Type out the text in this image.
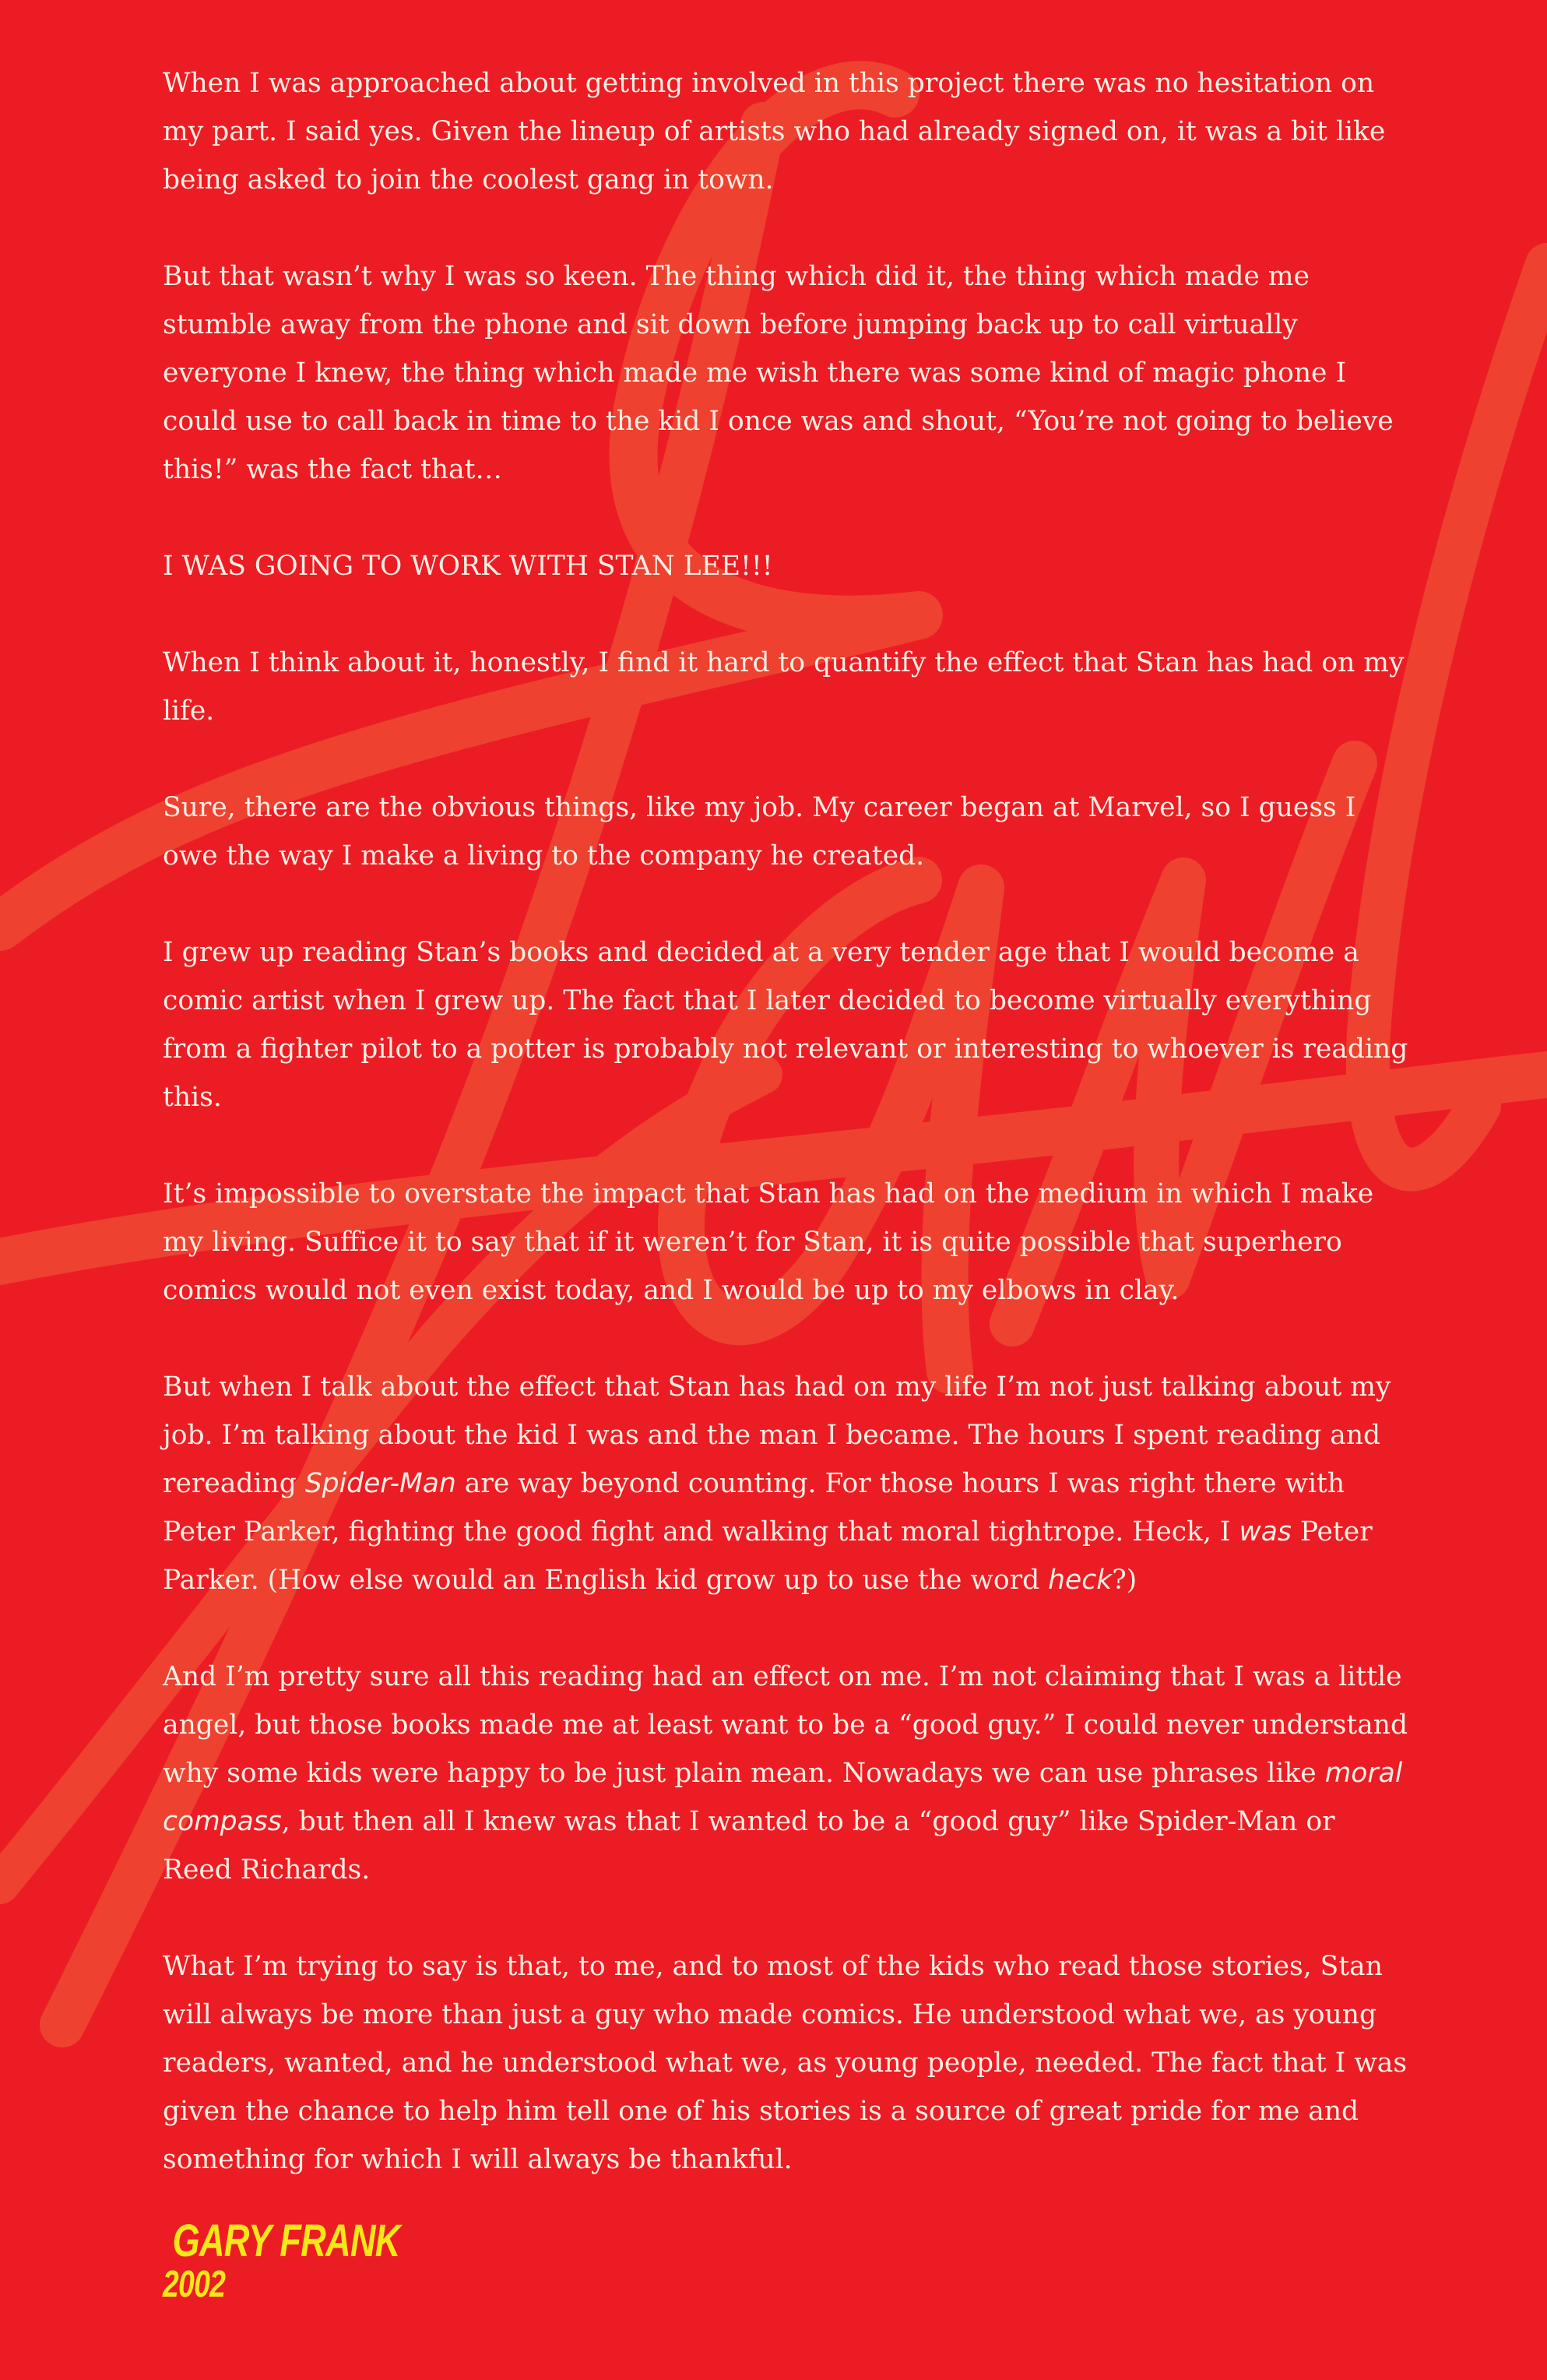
When I was approached about getting involved in this project there was no hesitation on my part. I said yes. Given the lineup of artists who had already signed on, it was a bit like being asked to join the coolest gang in town.

But that wasn’t why I was so keen. The thing which did it, the thing which made me stumble away from the phone and sit down before jumping back up to call virtually everyone I knew, the thing which made me wish there was some kind of magic phone I could use to call back in time to the kid I once was and shout, “You’re not going to believe this!” was the fact that…

I WAS GOING TO WORK WITH STAN LEE!!!

When I think about it, honestly, I find it hard to quantify the effect that Stan has had on my life.

Sure, there are the obvious things, like my job. My career began at Marvel, so I guess I owe the way I make a living to the company he created.

I grew up reading Stan’s books and decided at a very tender age that I would become a comic artist when I grew up. The fact that I later decided to become virtually everything from a fighter pilot to a potter is probably not relevant or interesting to whoever is reading this.

It’s impossible to overstate the impact that Stan has had on the medium in which I make my living. Suffice it to say that if it weren’t for Stan, it is quite possible that superhero comics would not even exist today, and I would be up to my elbows in clay.

But when I talk about the effect that Stan has had on my life I’m not just talking about my job. I’m talking about the kid I was and the man I became. The hours I spent reading and rereading Spider-Man are way beyond counting. For those hours I was right there with Peter Parker, fighting the good fight and walking that moral tightrope. Heck, I was Peter Parker. (How else would an English kid grow up to use the word heck?)

And I’m pretty sure all this reading had an effect on me. I’m not claiming that I was a little angel, but those books made me at least want to be a “good guy.” I could never understand why some kids were happy to be just plain mean. Nowadays we can use phrases like moral compass, but then all I knew was that I wanted to be a “good guy” like Spider-Man or Reed Richards.

What I’m trying to say is that, to me, and to most of the kids who read those stories, Stan will always be more than just a guy who made comics. He understood what we, as young readers, wanted, and he understood what we, as young people, needed. The fact that I was given the chance to help him tell one of his stories is a source of great pride for me and something for which I will always be thankful.

GARY FRANK
2002
